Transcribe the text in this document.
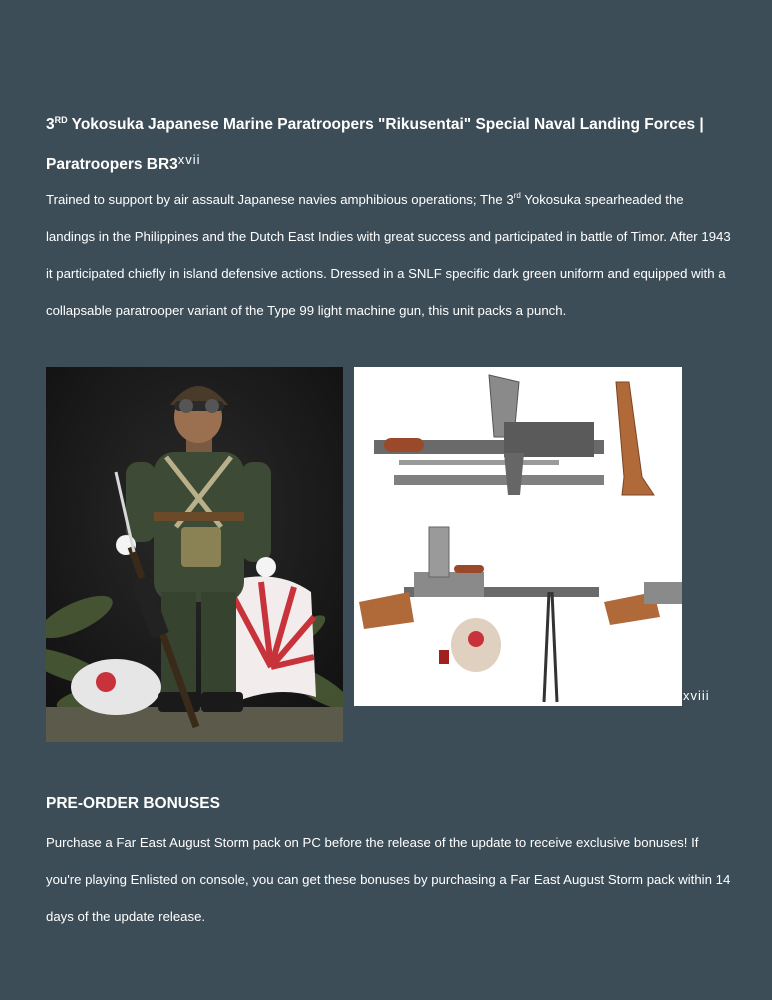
3RD Yokosuka Japanese Marine Paratroopers "Rikusentai" Special Naval Landing Forces |
Paratroopers BR3$^{xvii}$

Trained to support by air assault Japanese navies amphibious operations; The 3rd Yokosuka spearheaded the landings in the Philippines and the Dutch East Indies with great success and participated in battle of Timor. After 1943 it participated chiefly in island defensive actions. Dressed in a SNLF specific dark green uniform and equipped with a collapsable paratrooper variant of the Type 99 light machine gun, this unit packs a punch.

xviii
PRE-ORDER BONUSES

Purchase a Far East August Storm pack on PC before the release of the update to receive exclusive bonuses! If you're playing Enlisted on console, you can get these bonuses by purchasing a Far East August Storm pack within 14 days of the update release.
